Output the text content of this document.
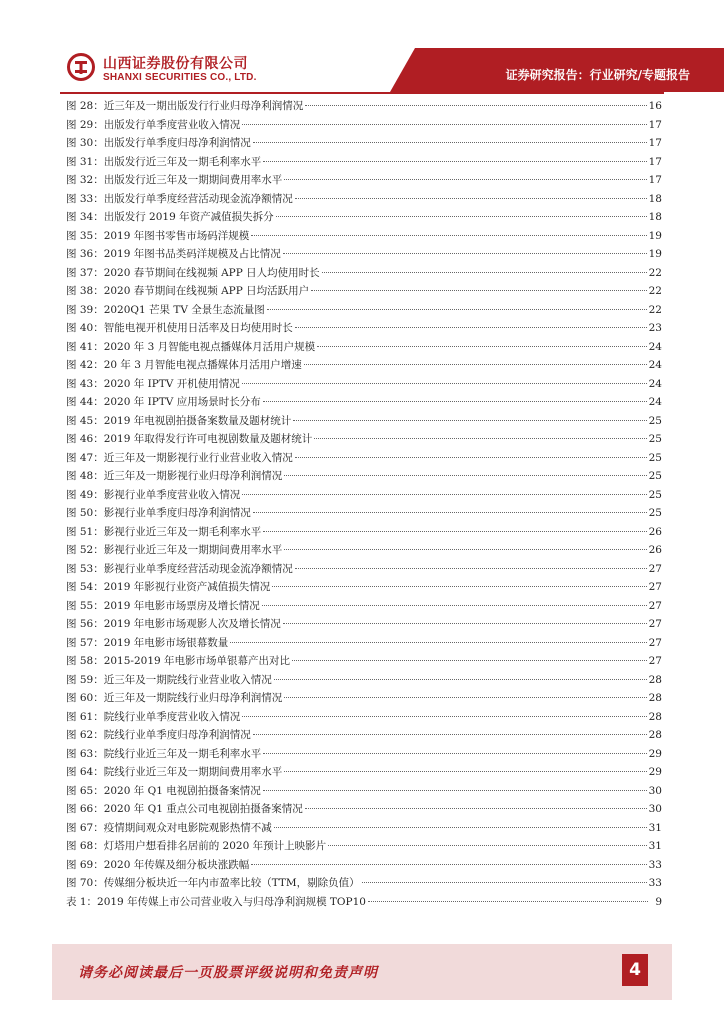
山西证券股份有限公司
SHANXI SECURITIES CO., LTD.	证券研究报告：行业研究/专题报告
图 28：近三年及一期出版发行行业归母净利润情况	16
图 29：出版发行单季度营业收入情况	17
图 30：出版发行单季度归母净利润情况	17
图 31：出版发行近三年及一期毛利率水平	17
图 32：出版发行近三年及一期期间费用率水平	17
图 33：出版发行单季度经营活动现金流净额情况	18
图 34：出版发行 2019 年资产减值损失拆分	18
图 35：2019 年图书零售市场码洋规模	19
图 36：2019 年图书品类码洋规模及占比情况	19
图 37：2020 春节期间在线视频 APP 日人均使用时长	22
图 38：2020 春节期间在线视频 APP 日均活跃用户	22
图 39：2020Q1 芒果 TV 全景生态流量图	22
图 40：智能电视开机使用日活率及日均使用时长	23
图 41：2020 年 3 月智能电视点播媒体月活用户规模	24
图 42：20 年 3 月智能电视点播媒体月活用户增速	24
图 43：2020 年 IPTV 开机使用情况	24
图 44：2020 年 IPTV 应用场景时长分布	24
图 45：2019 年电视剧拍摄备案数量及题材统计	25
图 46：2019 年取得发行许可电视剧数量及题材统计	25
图 47：近三年及一期影视行业行业营业收入情况	25
图 48：近三年及一期影视行业归母净利润情况	25
图 49：影视行业单季度营业收入情况	25
图 50：影视行业单季度归母净利润情况	25
图 51：影视行业近三年及一期毛利率水平	26
图 52：影视行业近三年及一期期间费用率水平	26
图 53：影视行业单季度经营活动现金流净额情况	27
图 54：2019 年影视行业资产减值损失情况	27
图 55：2019 年电影市场票房及增长情况	27
图 56：2019 年电影市场观影人次及增长情况	27
图 57：2019 年电影市场银幕数量	27
图 58：2015-2019 年电影市场单银幕产出对比	27
图 59：近三年及一期院线行业营业收入情况	28
图 60：近三年及一期院线行业归母净利润情况	28
图 61：院线行业单季度营业收入情况	28
图 62：院线行业单季度归母净利润情况	28
图 63：院线行业近三年及一期毛利率水平	29
图 64：院线行业近三年及一期期间费用率水平	29
图 65：2020 年 Q1 电视剧拍摄备案情况	30
图 66：2020 年 Q1 重点公司电视剧拍摄备案情况	30
图 67：疫情期间观众对电影院观影热情不减	31
图 68：灯塔用户想看排名居前的 2020 年预计上映影片	31
图 69：2020 年传媒及细分板块涨跌幅	33
图 70：传媒细分板块近一年内市盈率比较（TTM，剔除负值）	33
表 1：2019 年传媒上市公司营业收入与归母净利润规模 TOP10	9
请务必阅读最后一页股票评级说明和免责声明	4
